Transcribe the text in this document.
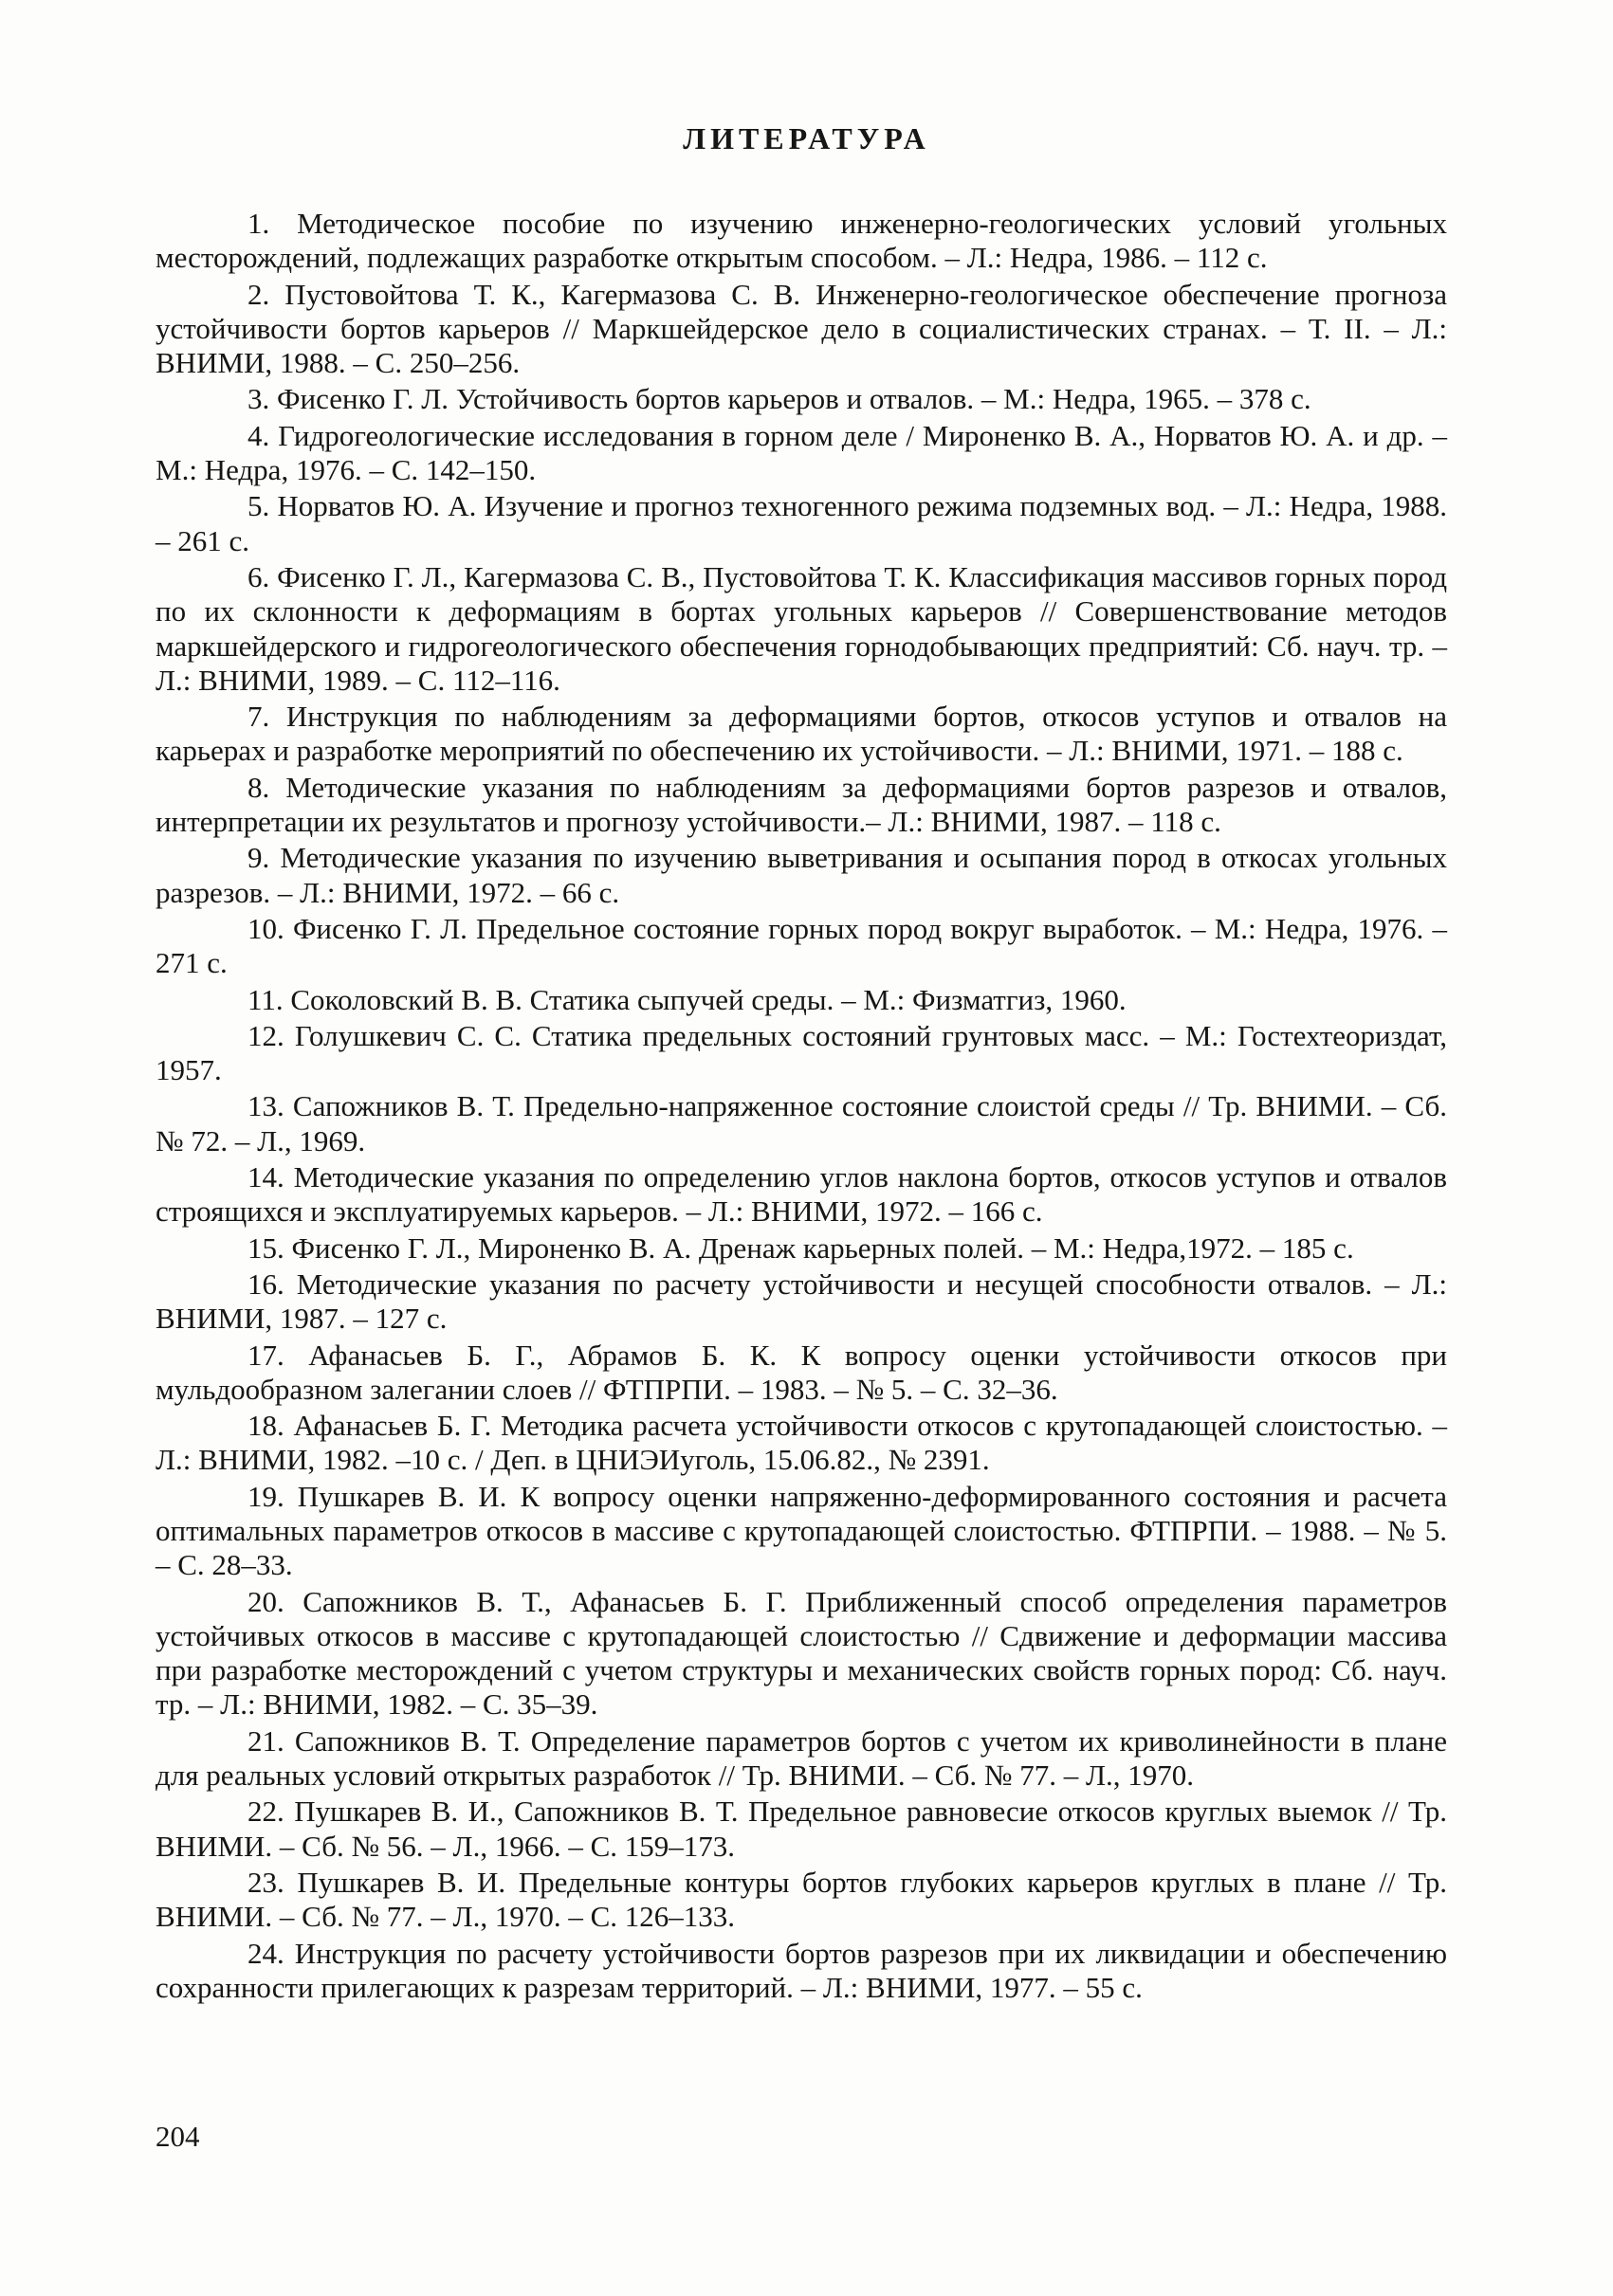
ЛИТЕРАТУРА
1. Методическое пособие по изучению инженерно-геологических условий угольных месторождений, подлежащих разработке открытым способом. – Л.: Недра, 1986. – 112 с.
2. Пустовойтова Т. К., Кагермазова С. В. Инженерно-геологическое обеспечение прогноза устойчивости бортов карьеров // Маркшейдерское дело в социалистических странах. – Т. II. – Л.: ВНИМИ, 1988. – С. 250–256.
3. Фисенко Г. Л. Устойчивость бортов карьеров и отвалов. – М.: Недра, 1965. – 378 с.
4. Гидрогеологические исследования в горном деле / Мироненко В. А., Норватов Ю. А. и др. – М.: Недра, 1976. – С. 142–150.
5. Норватов Ю. А. Изучение и прогноз техногенного режима подземных вод. – Л.: Недра, 1988. – 261 с.
6. Фисенко Г. Л., Кагермазова С. В., Пустовойтова Т. К. Классификация массивов горных пород по их склонности к деформациям в бортах угольных карьеров // Совершенствование методов маркшейдерского и гидрогеологического обеспечения горнодобывающих предприятий: Сб. науч. тр. – Л.: ВНИМИ, 1989. – С. 112–116.
7. Инструкция по наблюдениям за деформациями бортов, откосов уступов и отвалов на карьерах и разработке мероприятий по обеспечению их устойчивости. – Л.: ВНИМИ, 1971. – 188 с.
8. Методические указания по наблюдениям за деформациями бортов разрезов и отвалов, интерпретации их результатов и прогнозу устойчивости.– Л.: ВНИМИ, 1987. – 118 с.
9. Методические указания по изучению выветривания и осыпания пород в откосах угольных разрезов. – Л.: ВНИМИ, 1972. – 66 с.
10. Фисенко Г. Л. Предельное состояние горных пород вокруг выработок. – М.: Недра, 1976. – 271 с.
11. Соколовский В. В. Статика сыпучей среды. – М.: Физматгиз, 1960.
12. Голушкевич С. С. Статика предельных состояний грунтовых масс. – М.: Гостехтеориздат, 1957.
13. Сапожников В. Т. Предельно-напряженное состояние слоистой среды // Тр. ВНИМИ. – Сб. № 72. – Л., 1969.
14. Методические указания по определению углов наклона бортов, откосов уступов и отвалов строящихся и эксплуатируемых карьеров. – Л.: ВНИМИ, 1972. – 166 с.
15. Фисенко Г. Л., Мироненко В. А. Дренаж карьерных полей. – М.: Недра,1972. – 185 с.
16. Методические указания по расчету устойчивости и несущей способности отвалов. – Л.: ВНИМИ, 1987. – 127 с.
17. Афанасьев Б. Г., Абрамов Б. К. К вопросу оценки устойчивости откосов при мульдообразном залегании слоев // ФТПРПИ. – 1983. – № 5. – С. 32–36.
18. Афанасьев Б. Г. Методика расчета устойчивости откосов с крутопадающей слоистостью. – Л.: ВНИМИ, 1982. –10 с. / Деп. в ЦНИЭИуголь, 15.06.82., № 2391.
19. Пушкарев В. И. К вопросу оценки напряженно-деформированного состояния и расчета оптимальных параметров откосов в массиве с крутопадающей слоистостью. ФТПРПИ. – 1988. – № 5. – С. 28–33.
20. Сапожников В. Т., Афанасьев Б. Г. Приближенный способ определения параметров устойчивых откосов в массиве с крутопадающей слоистостью // Сдвижение и деформации массива при разработке месторождений с учетом структуры и механических свойств горных пород: Сб. науч. тр. – Л.: ВНИМИ, 1982. – С. 35–39.
21. Сапожников В. Т. Определение параметров бортов с учетом их криволинейности в плане для реальных условий открытых разработок // Тр. ВНИМИ. – Сб. № 77. – Л., 1970.
22. Пушкарев В. И., Сапожников В. Т. Предельное равновесие откосов круглых выемок // Тр. ВНИМИ. – Сб. № 56. – Л., 1966. – С. 159–173.
23. Пушкарев В. И. Предельные контуры бортов глубоких карьеров круглых в плане // Тр. ВНИМИ. – Сб. № 77. – Л., 1970. – С. 126–133.
24. Инструкция по расчету устойчивости бортов разрезов при их ликвидации и обеспечению сохранности прилегающих к разрезам территорий. – Л.: ВНИМИ, 1977. – 55 с.
204
